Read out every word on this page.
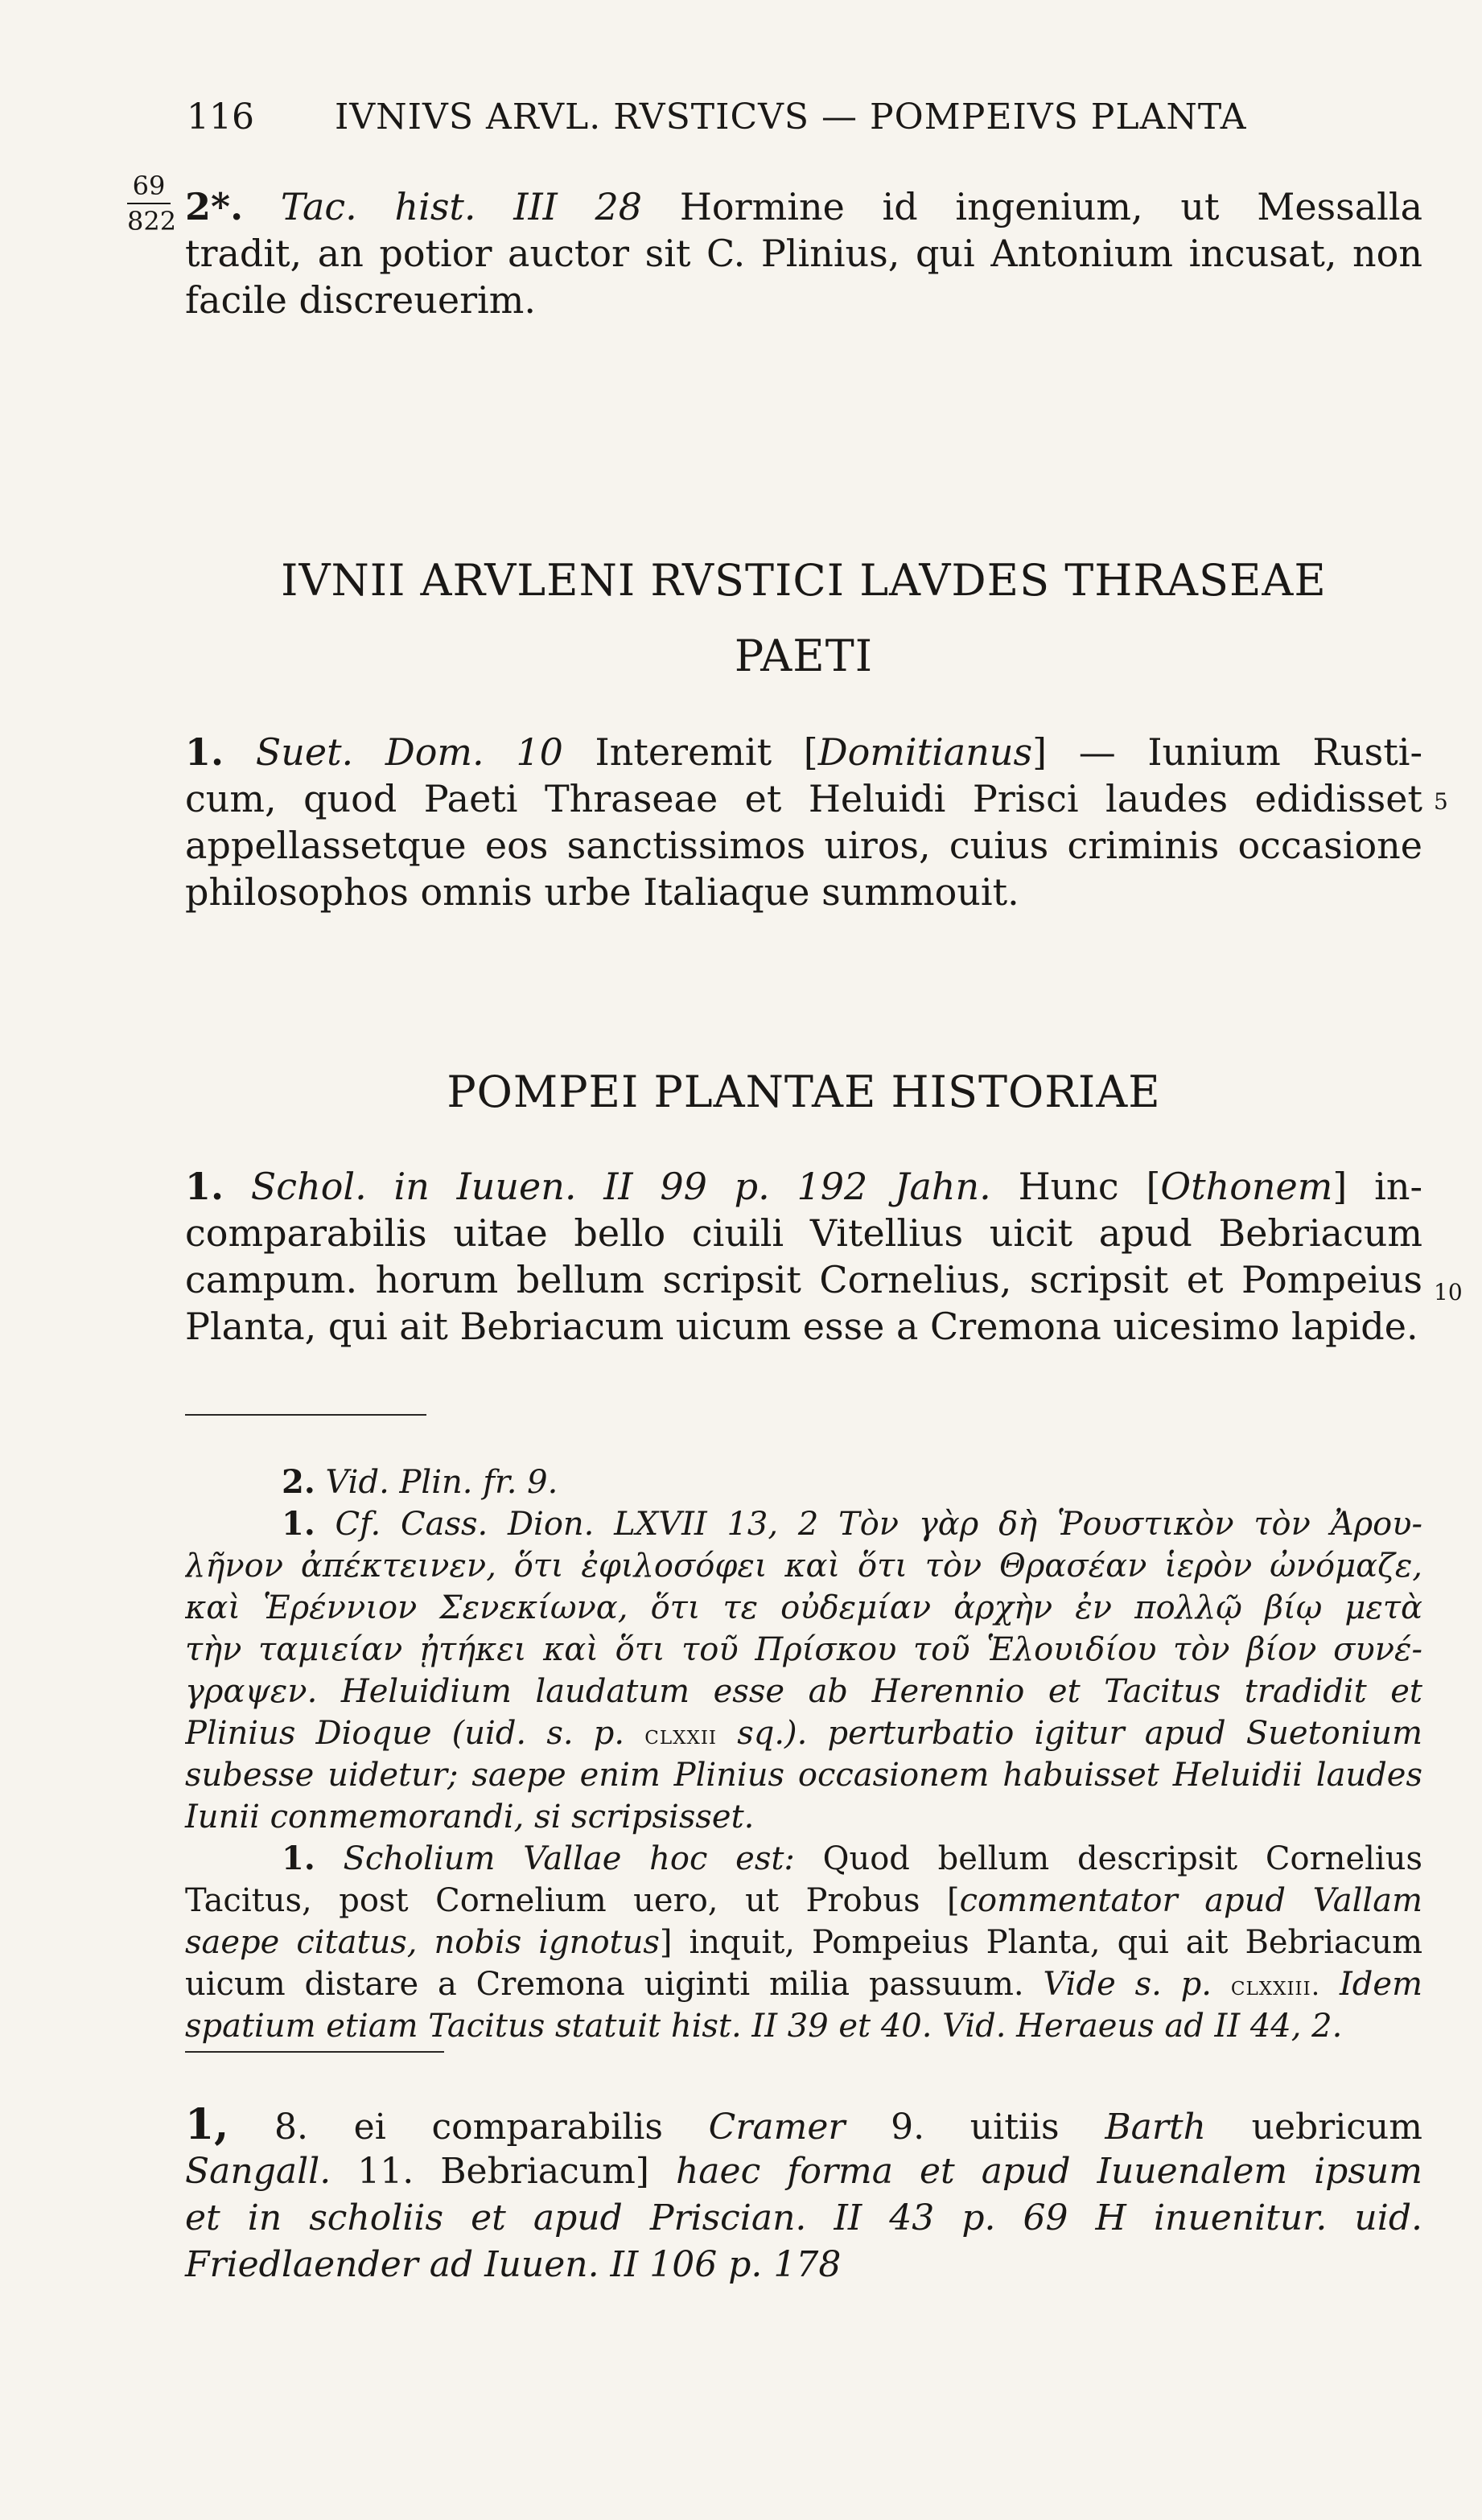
116 IVNIVS ARVL. RVSTICVS — POMPEIVS PLANTA
69
822 2*. Tac. hist. III 28 Hormine id ingenium, ut Messalla
tradit, an potior auctor sit C. Plinius, qui Antonium incusat, non
facile discreuerim.
IVNII ARVLENI RVSTICI LAVDES THRASEAE
PAETI
1. Suet. Dom. 10 Interemit [Domitianus] — Iunium Rusti-
cum, quod Paeti Thraseae et Heluidi Prisci laudes edidisset
appellassetque eos sanctissimos uiros, cuius criminis occasione
philosophos omnis urbe Italiaque summouit.
5
POMPEI PLANTAE HISTORIAE
1. Schol. in Iuuen. II 99 p. 192 Jahn. Hunc [Othonem] in-
comparabilis uitae bello ciuili Vitellius uicit apud Bebriacum
campum. horum bellum scripsit Cornelius, scripsit et Pompeius
Planta, qui ait Bebriacum uicum esse a Cremona uicesimo lapide.
10
2. Vid. Plin. fr. 9.
1. Cf. Cass. Dion. LXVII 13, 2 Τὸν γὰρ δὴ Ῥουστικὸν τὸν Ἀρου-
λῆνον ἀπέκτεινεν, ὅτι ἐφιλοσόφει καὶ ὅτι τὸν Θρασέαν ἱερὸν ὠνόμαζε,
καὶ Ἑρέννιον Σενεκίωνα, ὅτι τε οὐδεμίαν ἀρχὴν ἐν πολλῷ βίῳ μετὰ
τὴν ταμιείαν ᾐτήκει καὶ ὅτι τοῦ Πρίσκου τοῦ Ἑλουιδίου τὸν βίον συνέ-
γραψεν. Heluidium laudatum esse ab Herennio et Tacitus tradidit et
Plinius Dioque (uid. s. p. clxxii sq.). perturbatio igitur apud Suetonium
subesse uidetur; saepe enim Plinius occasionem habuisset Heluidii laudes
Iunii conmemorandi, si scripsisset.
1. Scholium Vallae hoc est: Quod bellum descripsit Cornelius
Tacitus, post Cornelium uero, ut Probus [commentator apud Vallam
saepe citatus, nobis ignotus] inquit, Pompeius Planta, qui ait Bebriacum
uicum distare a Cremona uiginti milia passuum. Vide s. p. clxxiii. Idem
spatium etiam Tacitus statuit hist. II 39 et 40. Vid. Heraeus ad II 44, 2.
1, 8. ei comparabilis Cramer 9. uitiis Barth uebricum
Sangall. 11. Bebriacum] haec forma et apud Iuuenalem ipsum
et in scholiis et apud Priscian. II 43 p. 69 H inuenitur. uid.
Friedlaender ad Iuuen. II 106 p. 178
